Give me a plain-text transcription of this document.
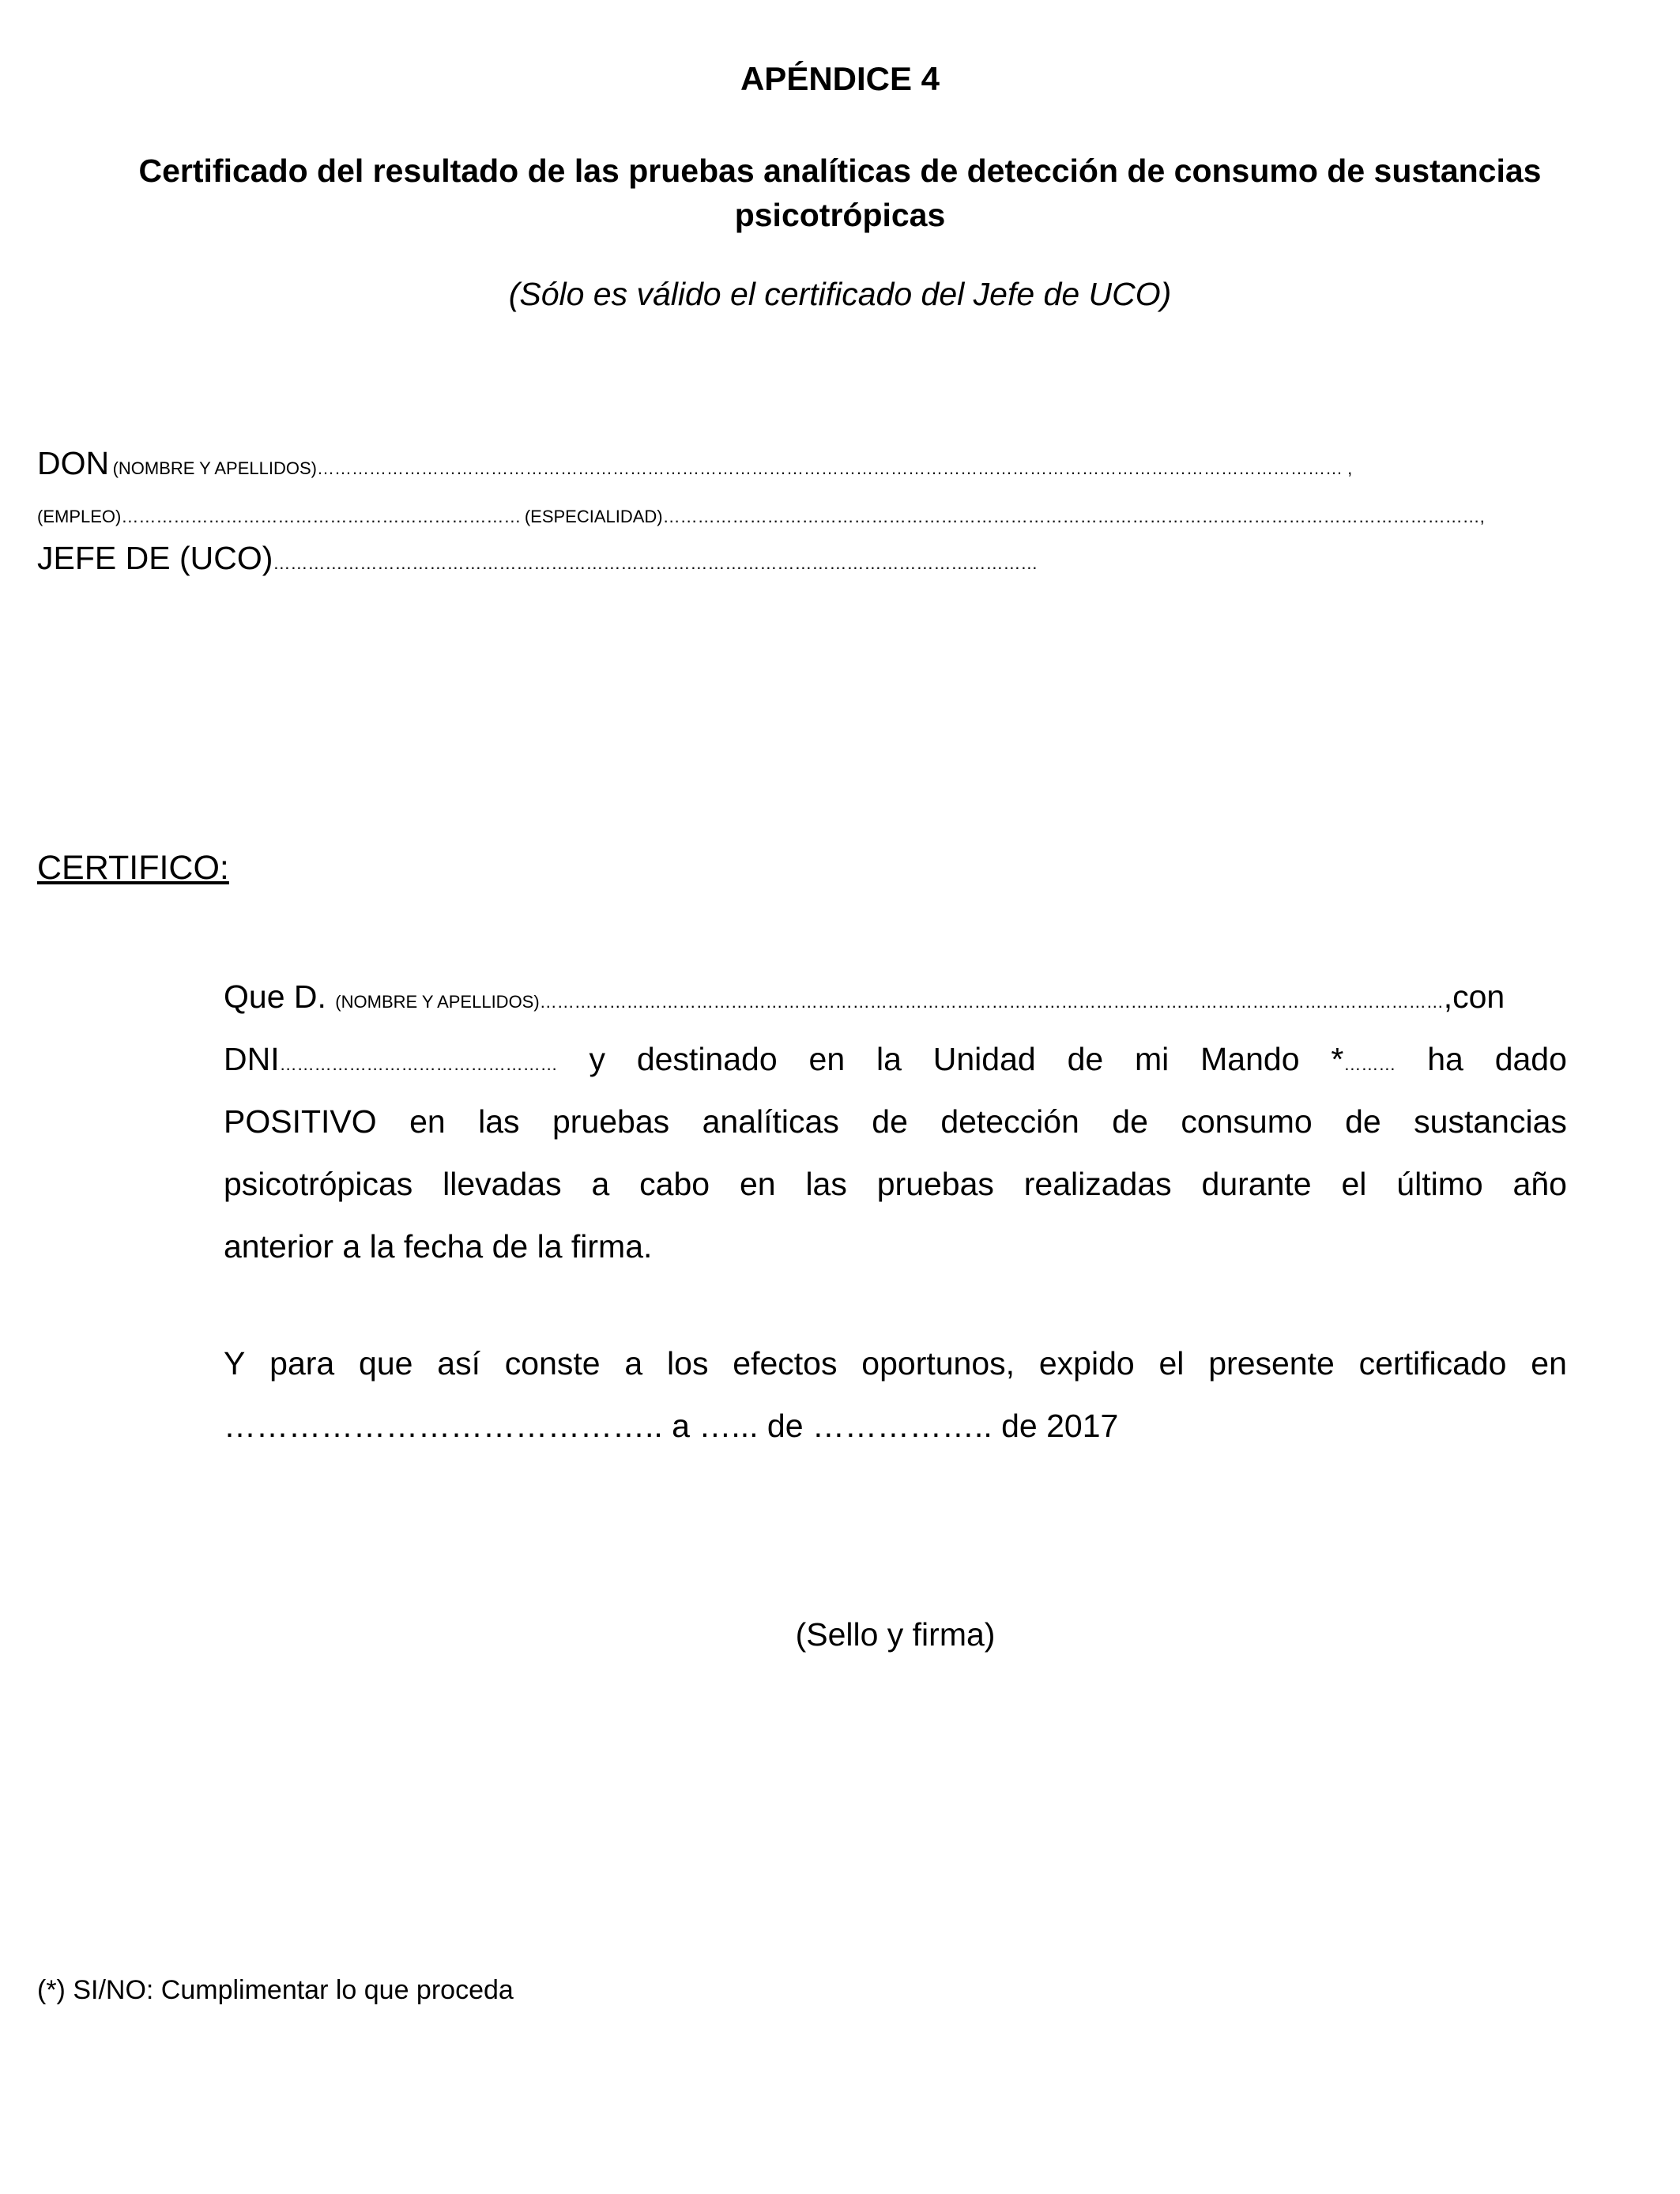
APÉNDICE 4
Certificado del resultado de las pruebas analíticas de detección de consumo de sustancias psicotrópicas
(Sólo es válido el certificado del Jefe de UCO)
DON (NOMBRE Y APELLIDOS)…………………………………………………………………………………………………………………………………………………………… ,
(EMPLEO)…………………………………………………………… (ESPECIALIDAD)……………………………………………………………………………………………………………………………,
JEFE DE (UCO)……………………………………………………………………………………………………………………
CERTIFICO:
Que D.
(NOMBRE Y APELLIDOS) ………………………………………………………………………………………………………………………………………… ,con
DNI………………………………………… y destinado en la Unidad de mi Mando *……… ha dado
POSITIVO en las pruebas analíticas de detección de consumo de sustancias
psicotrópicas llevadas a cabo en las pruebas realizadas durante el último año
anterior a la fecha de la firma.
Y para que así conste a los efectos oportunos, expido el presente certificado en
………………………………….. a …... de …………….. de 2017
(Sello y firma)
(*) SI/NO: Cumplimentar lo que proceda
